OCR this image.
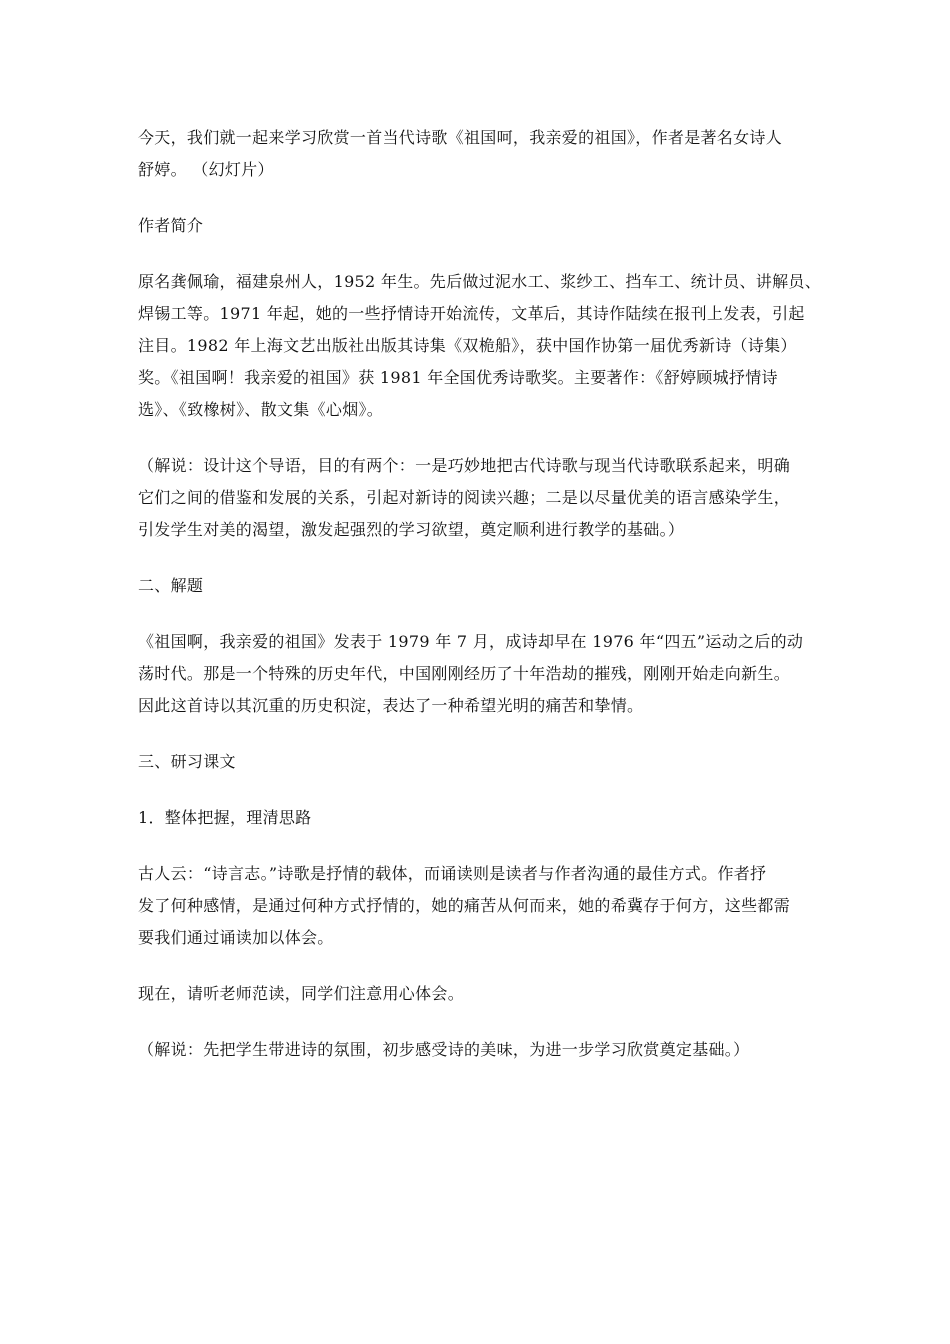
今天，我们就一起来学习欣赏一首当代诗歌《祖国呵，我亲爱的祖国》，作者是著名女诗人
舒婷。 （幻灯片）

作者简介

原名龚佩瑜，福建泉州人，1952 年生。先后做过泥水工、浆纱工、挡车工、统计员、讲解员、
焊锡工等。1971 年起，她的一些抒情诗开始流传，文革后，其诗作陆续在报刊上发表，引起
注目。1982 年上海文艺出版社出版其诗集《双桅船》，获中国作协第一届优秀新诗（诗集）
奖。《祖国啊！我亲爱的祖国》获 1981 年全国优秀诗歌奖。主要著作：《舒婷顾城抒情诗
选》、《致橡树》、散文集《心烟》。

（解说：设计这个导语，目的有两个：一是巧妙地把古代诗歌与现当代诗歌联系起来，明确
它们之间的借鉴和发展的关系，引起对新诗的阅读兴趣；二是以尽量优美的语言感染学生，
引发学生对美的渴望，激发起强烈的学习欲望，奠定顺利进行教学的基础。）

二、解题

《祖国啊，我亲爱的祖国》发表于 1979 年 7 月，成诗却早在 1976 年“四五”运动之后的动
荡时代。那是一个特殊的历史年代，中国刚刚经历了十年浩劫的摧残，刚刚开始走向新生。
因此这首诗以其沉重的历史积淀，表达了一种希望光明的痛苦和挚情。

三、研习课文

1．整体把握，理清思路

古人云：“诗言志。”诗歌是抒情的载体，而诵读则是读者与作者沟通的最佳方式。作者抒
发了何种感情，是通过何种方式抒情的，她的痛苦从何而来，她的希冀存于何方，这些都需
要我们通过诵读加以体会。

现在，请听老师范读，同学们注意用心体会。

（解说：先把学生带进诗的氛围，初步感受诗的美味，为进一步学习欣赏奠定基础。）
